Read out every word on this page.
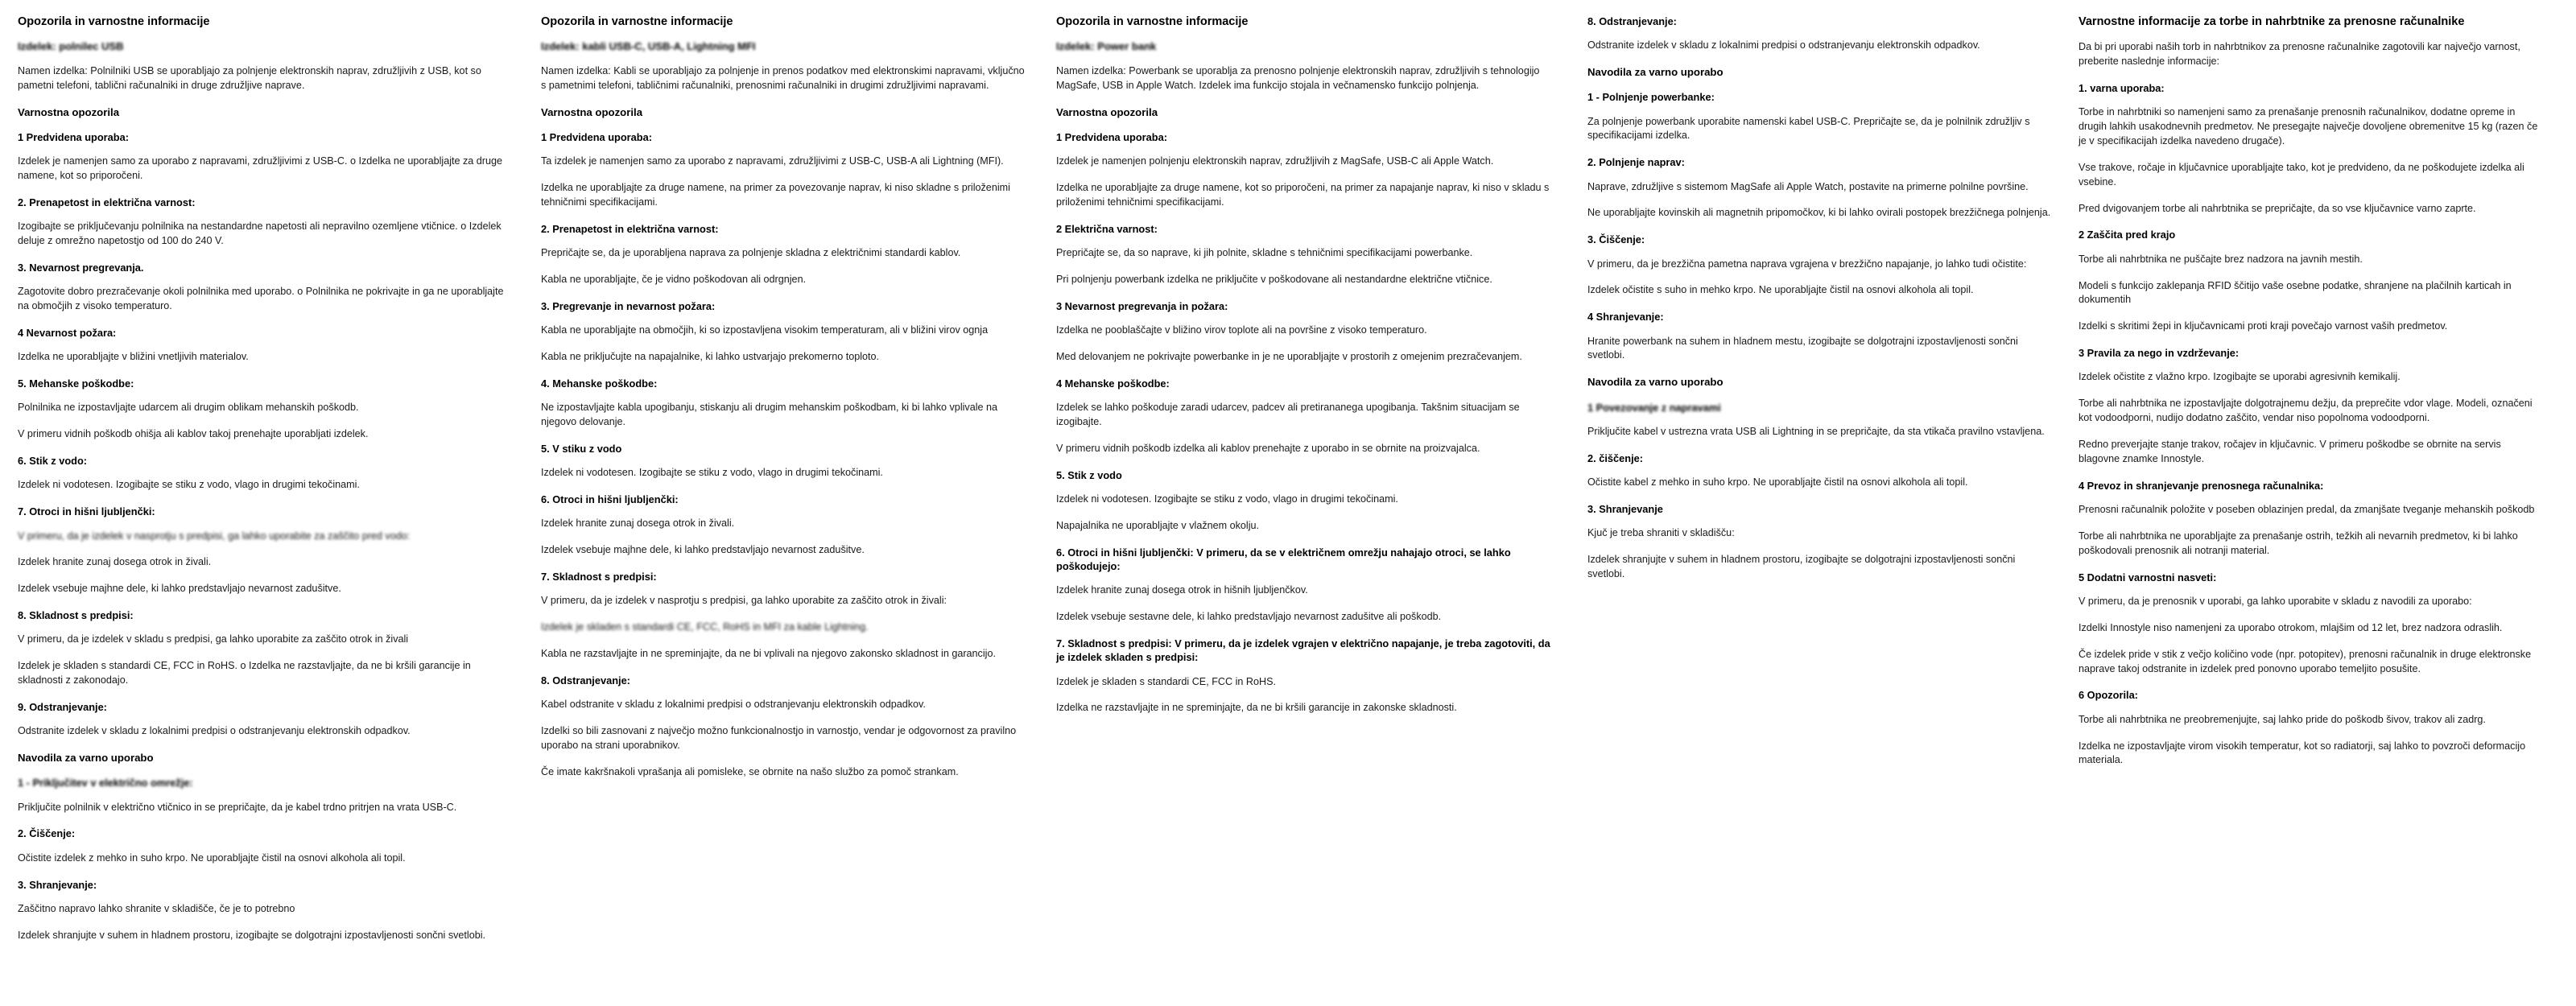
Opozorila in varnostne informacije

Izdelek: polnilec USB

Namen izdelka: Polnilniki USB se uporabljajo za polnjenje elektronskih naprav, združljivih z USB, kot so pametni telefoni, tablični računalniki in druge združljive naprave.

Varnostna opozorila

1 Predvidena uporaba:

Izdelek je namenjen samo za uporabo z napravami, združljivimi z USB-C. o Izdelka ne uporabljajte za druge namene, kot so priporočeni.

2. Prenapetost in električna varnost:

Izogibajte se priključevanju polnilnika na nestandardne napetosti ali nepravilno ozemljene vtičnice. o Izdelek deluje z omrežno napetostjo od 100 do 240 V.

3. Nevarnost pregrevanja.

Zagotovite dobro prezračevanje okoli polnilnika med uporabo. o Polnilnika ne pokrivajte in ga ne uporabljajte na območjih z visoko temperaturo.

4 Nevarnost požara:

Izdelka ne uporabljajte v bližini vnetljivih materialov.

5. Mehanske poškodbe:

Polnilnika ne izpostavljajte udarcem ali drugim oblikam mehanskih poškodb.

V primeru vidnih poškodb ohišja ali kablov takoj prenehajte uporabljati izdelek.

6. Stik z vodo:

Izdelek ni vodotesen. Izogibajte se stiku z vodo, vlago in drugimi tekočinami.

7. Otroci in hišni ljubljenčki:

V primeru, da je izdelek v nasprotju s predpisi, ga lahko uporabite za zaščito pred vodo:

Izdelek hranite zunaj dosega otrok in živali.

Izdelek vsebuje majhne dele, ki lahko predstavljajo nevarnost zadušitve.

8. Skladnost s predpisi:

V primeru, da je izdelek v skladu s predpisi, ga lahko uporabite za zaščito otrok in živali

Izdelek je skladen s standardi CE, FCC in RoHS. o Izdelka ne razstavljajte, da ne bi kršili garancije in skladnosti z zakonodajo.

9. Odstranjevanje:

Odstranite izdelek v skladu z lokalnimi predpisi o odstranjevanju elektronskih odpadkov.

Navodila za varno uporabo

1 - Priključitev v električno omrežje:

Priključite polnilnik v električno vtičnico in se prepričajte, da je kabel trdno pritrjen na vrata USB-C.

2. Čiščenje:

Očistite izdelek z mehko in suho krpo. Ne uporabljajte čistil na osnovi alkohola ali topil.

3. Shranjevanje:

Zaščitno napravo lahko shranite v skladišče, če je to potrebno

Izdelek shranjujte v suhem in hladnem prostoru, izogibajte se dolgotrajni izpostavljenosti sončni svetlobi.

Opozorila in varnostne informacije

Izdelek: kabli USB-C, USB-A, Lightning MFI

Namen izdelka: Kabli se uporabljajo za polnjenje in prenos podatkov med elektronskimi napravami, vključno s pametnimi telefoni, tabličnimi računalniki, prenosnimi računalniki in drugimi združljivimi napravami.

Varnostna opozorila

1 Predvidena uporaba:

Ta izdelek je namenjen samo za uporabo z napravami, združljivimi z USB-C, USB-A ali Lightning (MFI).

Izdelka ne uporabljajte za druge namene, na primer za povezovanje naprav, ki niso skladne s priloženimi tehničnimi specifikacijami.

2. Prenapetost in električna varnost:

Prepričajte se, da je uporabljena naprava za polnjenje skladna z električnimi standardi kablov.

Kabla ne uporabljajte, če je vidno poškodovan ali odrgnjen.

3. Pregrevanje in nevarnost požara:

Kabla ne uporabljajte na območjih, ki so izpostavljena visokim temperaturam, ali v bližini virov ognja

Kabla ne priključujte na napajalnike, ki lahko ustvarjajo prekomerno toploto.

4. Mehanske poškodbe:

Ne izpostavljajte kabla upogibanju, stiskanju ali drugim mehanskim poškodbam, ki bi lahko vplivale na njegovo delovanje.

5. V stiku z vodo

Izdelek ni vodotesen. Izogibajte se stiku z vodo, vlago in drugimi tekočinami.

6. Otroci in hišni ljubljenčki:

Izdelek hranite zunaj dosega otrok in živali.

Izdelek vsebuje majhne dele, ki lahko predstavljajo nevarnost zadušitve.

7. Skladnost s predpisi:

V primeru, da je izdelek v nasprotju s predpisi, ga lahko uporabite za zaščito otrok in živali:

Izdelek je skladen s standardi CE, FCC, RoHS in MFI za kable Lightning.

Kabla ne razstavljajte in ne spreminjajte, da ne bi vplivali na njegovo zakonsko skladnost in garancijo.

8. Odstranjevanje:

Kabel odstranite v skladu z lokalnimi predpisi o odstranjevanju elektronskih odpadkov.

Izdelki so bili zasnovani z največjo možno funkcionalnostjo in varnostjo, vendar je odgovornost za pravilno uporabo na strani uporabnikov.

Če imate kakršnakoli vprašanja ali pomisleke, se obrnite na našo službo za pomoč strankam.

Opozorila in varnostne informacije

Izdelek: Power bank

Namen izdelka: Powerbank se uporablja za prenosno polnjenje elektronskih naprav, združljivih s tehnologijo MagSafe, USB in Apple Watch. Izdelek ima funkcijo stojala in večnamensko funkcijo polnjenja.

Varnostna opozorila

1 Predvidena uporaba:

Izdelek je namenjen polnjenju elektronskih naprav, združljivih z MagSafe, USB-C ali Apple Watch.

Izdelka ne uporabljajte za druge namene, kot so priporočeni, na primer za napajanje naprav, ki niso v skladu s priloženimi tehničnimi specifikacijami.

2 Električna varnost:

Prepričajte se, da so naprave, ki jih polnite, skladne s tehničnimi specifikacijami powerbanke.

Pri polnjenju powerbank izdelka ne priključite v poškodovane ali nestandardne električne vtičnice.

3 Nevarnost pregrevanja in požara:

Izdelka ne pooblaščajte v bližino virov toplote ali na površine z visoko temperaturo.

Med delovanjem ne pokrivajte powerbanke in je ne uporabljajte v prostorih z omejenim prezračevanjem.

4 Mehanske poškodbe:

Izdelek se lahko poškoduje zaradi udarcev, padcev ali pretirananega upogibanja. Takšnim situacijam se izogibajte.

V primeru vidnih poškodb izdelka ali kablov prenehajte z uporabo in se obrnite na proizvajalca.

5. Stik z vodo

Izdelek ni vodotesen. Izogibajte se stiku z vodo, vlago in drugimi tekočinami.

Napajalnika ne uporabljajte v vlažnem okolju.

6. Otroci in hišni ljubljenčki: V primeru, da se v električnem omrežju nahajajo otroci, se lahko poškodujejo:

Izdelek hranite zunaj dosega otrok in hišnih ljubljenčkov.

Izdelek vsebuje sestavne dele, ki lahko predstavljajo nevarnost zadušitve ali poškodb.

7. Skladnost s predpisi: V primeru, da je izdelek vgrajen v električno napajanje, je treba zagotoviti, da je izdelek skladen s predpisi:

Izdelek je skladen s standardi CE, FCC in RoHS.

Izdelka ne razstavljajte in ne spreminjajte, da ne bi kršili garancije in zakonske skladnosti.

8. Odstranjevanje:

Odstranite izdelek v skladu z lokalnimi predpisi o odstranjevanju elektronskih odpadkov.

Navodila za varno uporabo

1 - Polnjenje powerbanke:

Za polnjenje powerbank uporabite namenski kabel USB-C. Prepričajte se, da je polnilnik združljiv s specifikacijami izdelka.

2. Polnjenje naprav:

Naprave, združljive s sistemom MagSafe ali Apple Watch, postavite na primerne polnilne površine.

Ne uporabljajte kovinskih ali magnetnih pripomočkov, ki bi lahko ovirali postopek brezžičnega polnjenja.

3. Čiščenje:

V primeru, da je brezžična pametna naprava vgrajena v brezžično napajanje, jo lahko tudi očistite:

Izdelek očistite s suho in mehko krpo. Ne uporabljajte čistil na osnovi alkohola ali topil.

4 Shranjevanje:

Hranite powerbank na suhem in hladnem mestu, izogibajte se dolgotrajni izpostavljenosti sončni svetlobi.

Navodila za varno uporabo

1 Povezovanje z napravami

Priključite kabel v ustrezna vrata USB ali Lightning in se prepričajte, da sta vtikača pravilno vstavljena.

2. čiščenje:

Očistite kabel z mehko in suho krpo. Ne uporabljajte čistil na osnovi alkohola ali topil.

3. Shranjevanje

Kjuč je treba shraniti v skladišču:

Izdelek shranjujte v suhem in hladnem prostoru, izogibajte se dolgotrajni izpostavljenosti sončni svetlobi.

Varnostne informacije za torbe in nahrbtnike za prenosne računalnike

Da bi pri uporabi naših torb in nahrbtnikov za prenosne računalnike zagotovili kar največjo varnost, preberite naslednje informacije:

1. varna uporaba:

Torbe in nahrbtniki so namenjeni samo za prenašanje prenosnih računalnikov, dodatne opreme in drugih lahkih usakodnevnih predmetov. Ne presegajte največje dovoljene obremenitve 15 kg (razen če je v specifikacijah izdelka navedeno drugače).

Vse trakove, ročaje in ključavnice uporabljajte tako, kot je predvideno, da ne poškodujete izdelka ali vsebine.

Pred dvigovanjem torbe ali nahrbtnika se prepričajte, da so vse ključavnice varno zaprte.

2 Zaščita pred krajo

Torbe ali nahrbtnika ne puščajte brez nadzora na javnih mestih.

Modeli s funkcijo zaklepanja RFID ščitijo vaše osebne podatke, shranjene na plačilnih karticah in dokumentih

Izdelki s skritimi žepi in ključavnicami proti kraji povečajo varnost vaših predmetov.

3 Pravila za nego in vzdrževanje:

Izdelek očistite z vlažno krpo. Izogibajte se uporabi agresivnih kemikalij.

Torbe ali nahrbtnika ne izpostavljajte dolgotrajnemu dežju, da preprečite vdor vlage. Modeli, označeni kot vodoodporni, nudijo dodatno zaščito, vendar niso popolnoma vodoodporni.

Redno preverjajte stanje trakov, ročajev in ključavnic. V primeru poškodbe se obrnite na servis blagovne znamke Innostyle.

4 Prevoz in shranjevanje prenosnega računalnika:

Prenosni računalnik položite v poseben oblazinjen predal, da zmanjšate tveganje mehanskih poškodb

Torbe ali nahrbtnika ne uporabljajte za prenašanje ostrih, težkih ali nevarnih predmetov, ki bi lahko poškodovali prenosnik ali notranji material.

5 Dodatni varnostni nasveti:

V primeru, da je prenosnik v uporabi, ga lahko uporabite v skladu z navodili za uporabo:

Izdelki Innostyle niso namenjeni za uporabo otrokom, mlajšim od 12 let, brez nadzora odraslih.

Če izdelek pride v stik z večjo količino vode (npr. potopitev), prenosni računalnik in druge elektronske naprave takoj odstranite in izdelek pred ponovno uporabo temeljito posušite.

6 Opozorila:

Torbe ali nahrbtnika ne preobremenjujte, saj lahko pride do poškodb šivov, trakov ali zadrg.

Izdelka ne izpostavljajte virom visokih temperatur, kot so radiatorji, saj lahko to povzroči deformacijo materiala.
